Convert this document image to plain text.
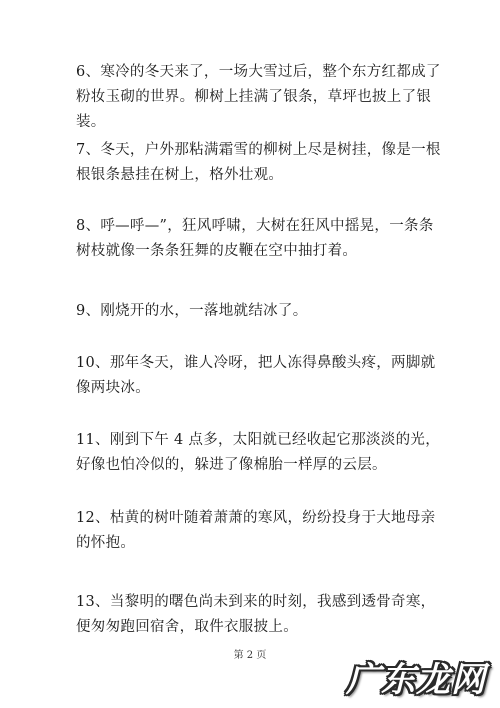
6、寒冷的冬天来了，一场大雪过后，整个东方红都成了粉妆玉砌的世界。柳树上挂满了银条，草坪也披上了银装。

7、冬天，户外那粘满霜雪的柳树上尽是树挂，像是一根根银条悬挂在树上，格外壮观。

8、呼—呼—”，狂风呼啸，大树在狂风中摇晃，一条条树枝就像一条条狂舞的皮鞭在空中抽打着。

9、刚烧开的水，一落地就结冰了。

10、那年冬天，谁人冷呀，把人冻得鼻酸头疼，两脚就像两块冰。

11、刚到下午 4 点多，太阳就已经收起它那淡淡的光，好像也怕冷似的，躲进了像棉胎一样厚的云层。

12、枯黄的树叶随着萧萧的寒风，纷纷投身于大地母亲的怀抱。

13、当黎明的曙色尚未到来的时刻，我感到透骨奇寒，便匆匆跑回宿舍，取件衣服披上。

第 2 页
广东龙网
